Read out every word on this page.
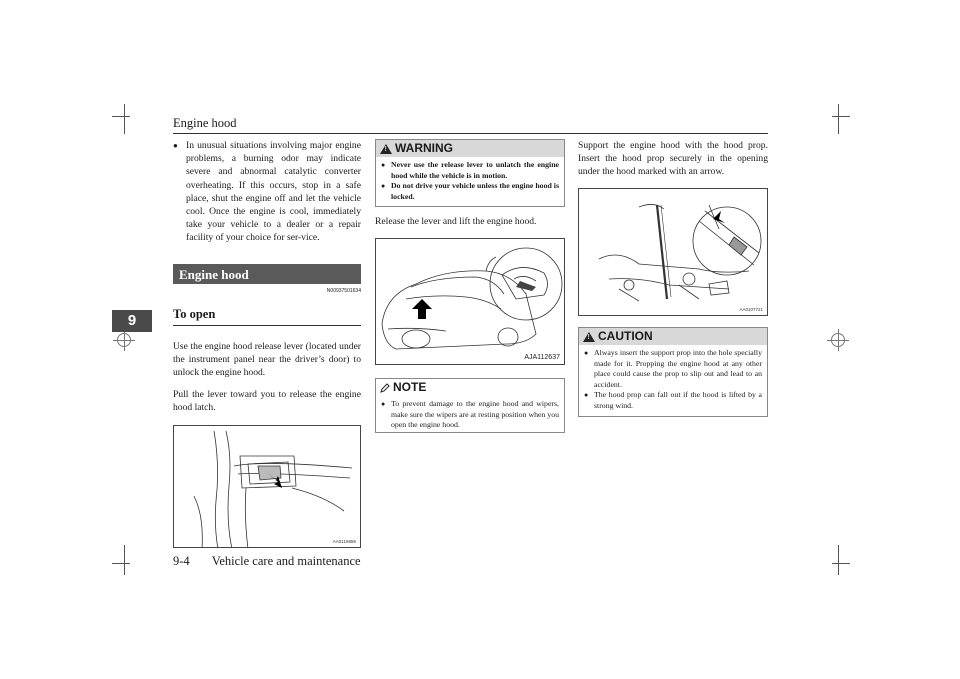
Engine hood
9
● In unusual situations involving major engine problems, a burning odor may indicate severe and abnormal catalytic converter overheating. If this occurs, stop in a safe place, shut the engine off and let the vehicle cool. Once the engine is cool, immediately take your vehicle to a dealer or a repair facility of your choice for ser-vice.
Engine hood
N00937501634
To open

Use the engine hood release lever (located under the instrument panel near the driver’s door) to unlock the engine hood.

Pull the lever toward you to release the engine hood latch.

AA0116886
! WARNING
● Never use the release lever to unlatch the engine hood while the vehicle is in motion.
● Do not drive your vehicle unless the engine hood is locked.
Release the lever and lift the engine hood.
AJA112637
NOTE
● To prevent damage to the engine hood and wipers, make sure the wipers are at resting position when you open the engine hood.
Support the engine hood with the hood prop. Insert the hood prop securely in the opening under the hood marked with an arrow.
AA0107721
! CAUTION
● Always insert the support prop into the hole specially made for it. Propping the engine hood at any other place could cause the prop to slip out and lead to an accident.
● The hood prop can fall out if the hood is lifted by a strong wind.
9-4 Vehicle care and maintenance
